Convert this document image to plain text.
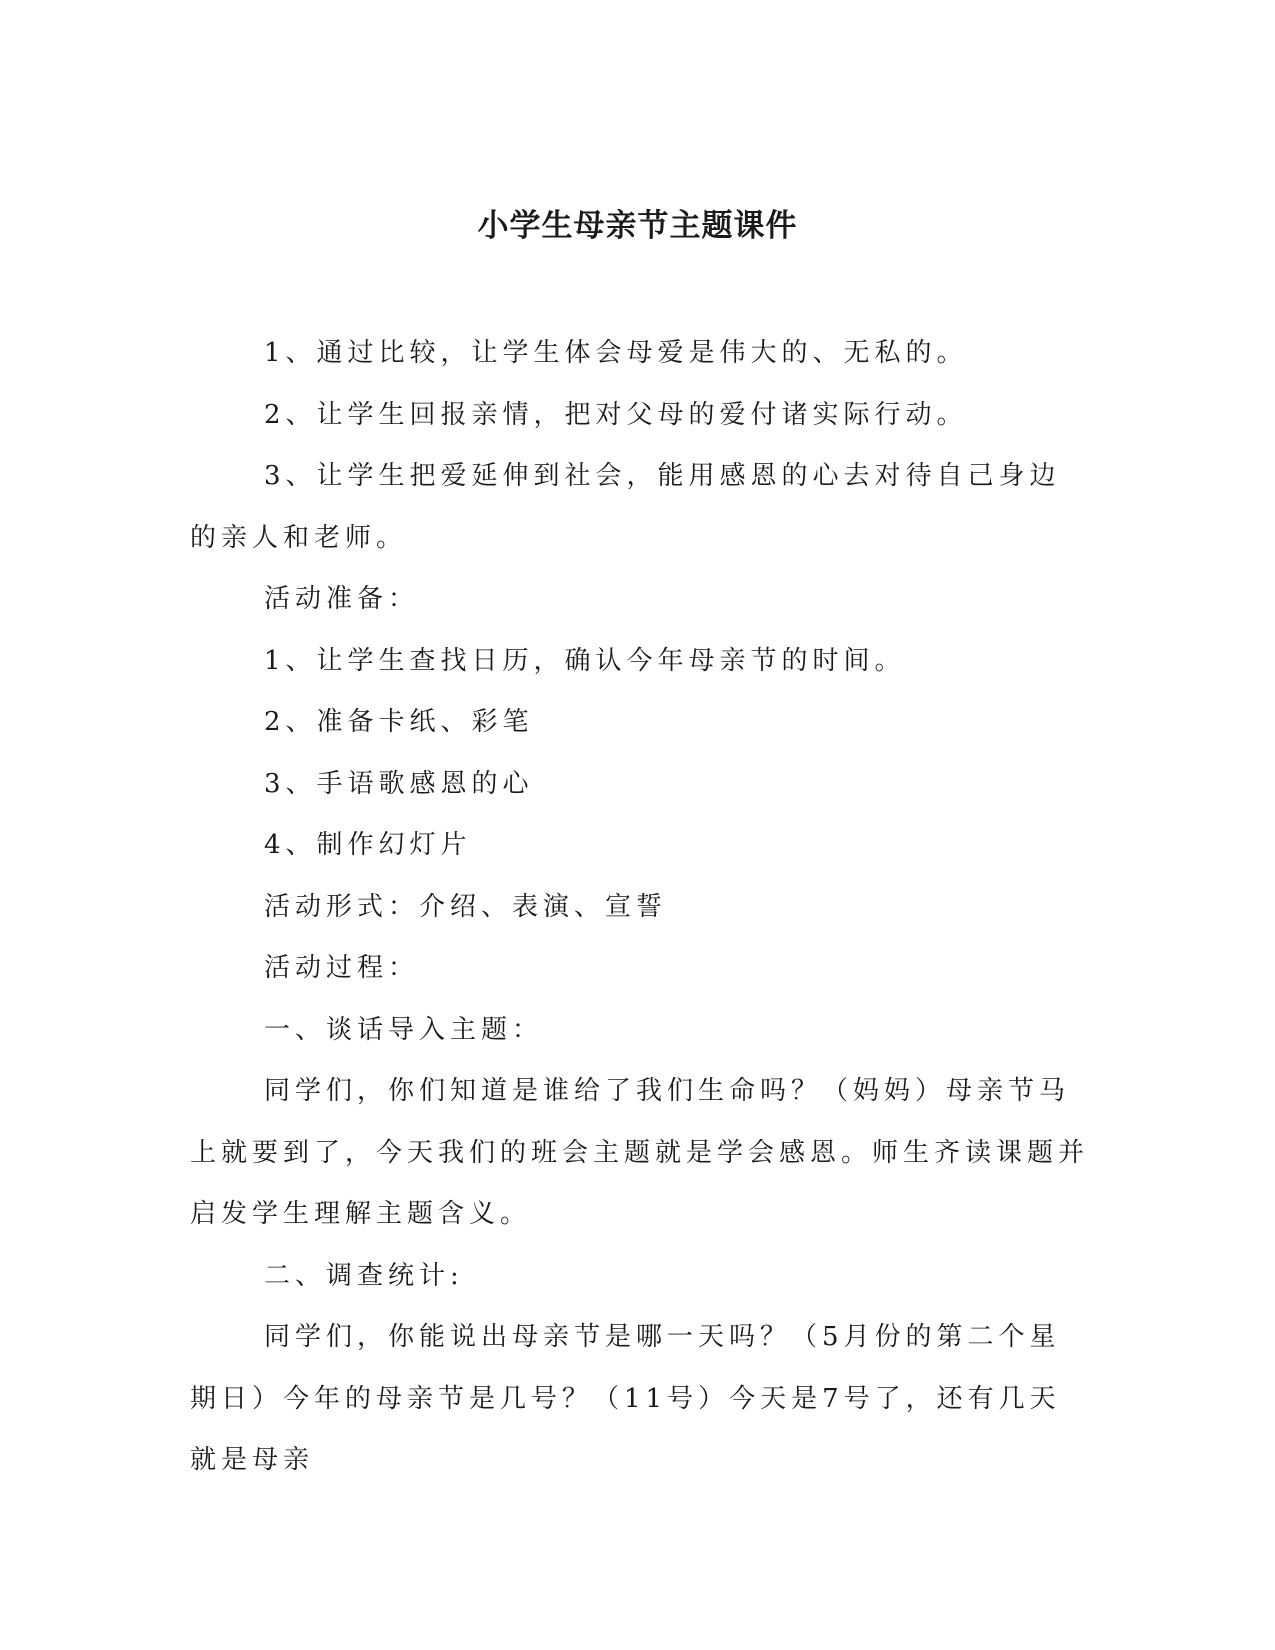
小学生母亲节主题课件

1、通过比较，让学生体会母爱是伟大的、无私的。

2、让学生回报亲情，把对父母的爱付诸实际行动。

3、让学生把爱延伸到社会，能用感恩的心去对待自己身边的亲人和老师。

活动准备：

1、让学生查找日历，确认今年母亲节的时间。

2、准备卡纸、彩笔

3、手语歌感恩的心

4、制作幻灯片

活动形式：介绍、表演、宣誓

活动过程：

一、谈话导入主题：

同学们，你们知道是谁给了我们生命吗？（妈妈）母亲节马上就要到了，今天我们的班会主题就是学会感恩。师生齐读课题并启发学生理解主题含义。

二、调查统计:

同学们，你能说出母亲节是哪一天吗？（5月份的第二个星期日）今年的母亲节是几号？（11号）今天是7号了，还有几天就是母亲
